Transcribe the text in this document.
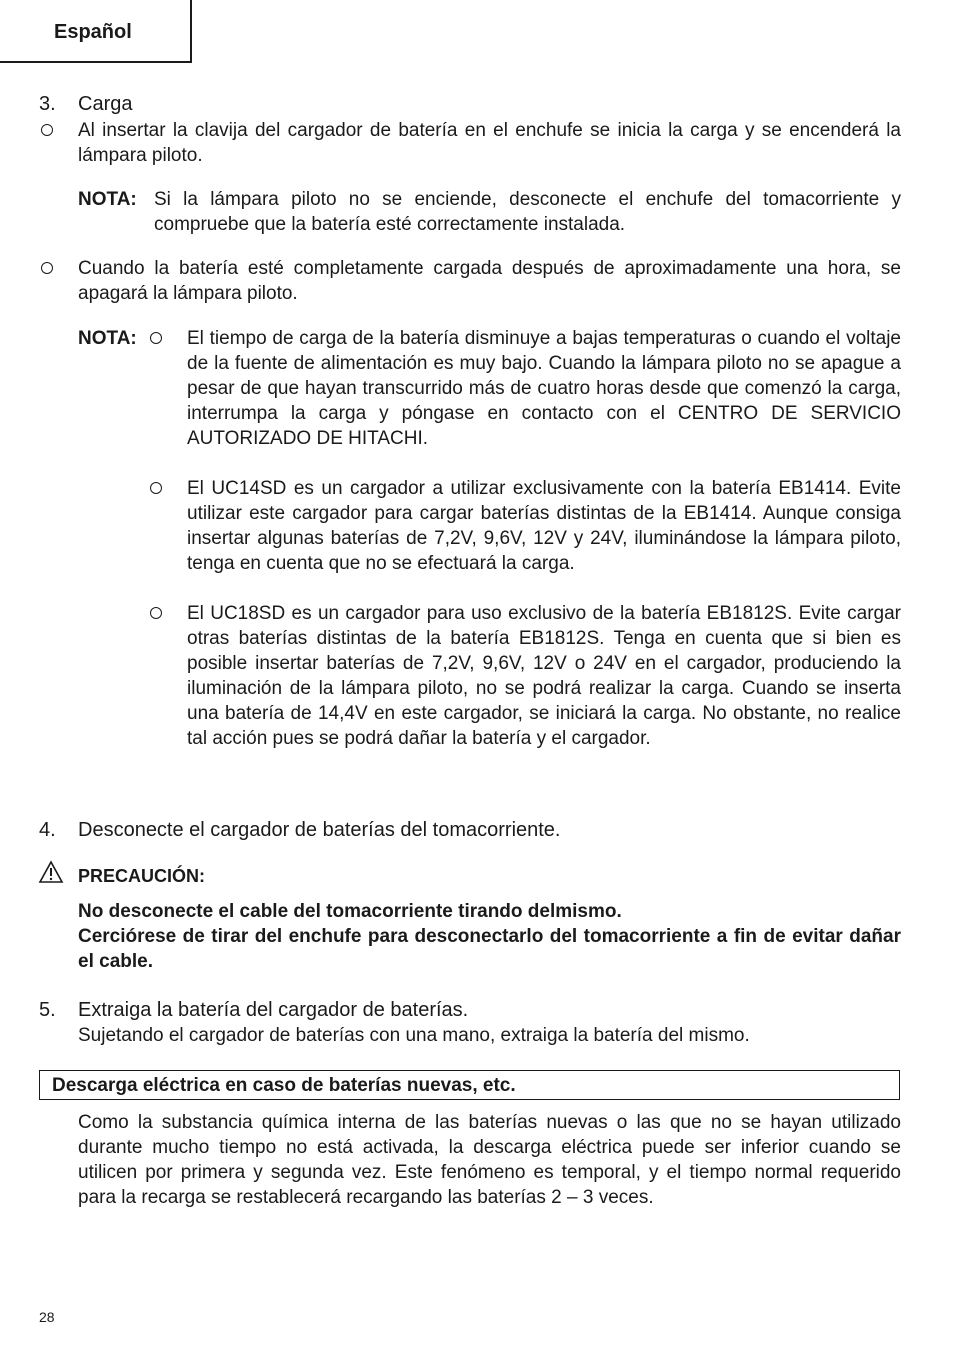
Español
3. Carga
Al insertar la clavija del cargador de batería en el enchufe se inicia la carga y se encenderá la lámpara piloto.
NOTA: Si la lámpara piloto no se enciende, desconecte el enchufe del tomacorriente y compruebe que la batería esté correctamente instalada.
Cuando la batería esté completamente cargada después de aproximadamente una hora, se apagará la lámpara piloto.
NOTA:	El tiempo de carga de la batería disminuye a bajas temperaturas o cuando el voltaje de la fuente de alimentación es muy bajo. Cuando la lámpara piloto no se apague a pesar de que hayan transcurrido más de cuatro horas desde que comenzó la carga, interrumpa la carga y póngase en contacto con el CENTRO DE SERVICIO AUTORIZADO DE HITACHI.
El UC14SD es un cargador a utilizar exclusivamente con la batería EB1414. Evite utilizar este cargador para cargar baterías distintas de la EB1414. Aunque consiga insertar algunas baterías de 7,2V, 9,6V, 12V y 24V, iluminándose la lámpara piloto, tenga en cuenta que no se efectuará la carga.
El UC18SD es un cargador para uso exclusivo de la batería EB1812S. Evite cargar otras baterías distintas de la batería EB1812S. Tenga en cuenta que si bien es posible insertar baterías de 7,2V, 9,6V, 12V o 24V en el cargador, produciendo la iluminación de la lámpara piloto, no se podrá realizar la carga. Cuando se inserta una batería de 14,4V en este cargador, se iniciará la carga. No obstante, no realice tal acción pues se podrá dañar la batería y el cargador.
4. Desconecte el cargador de baterías del tomacorriente.
PRECAUCIÓN:
No desconecte el cable del tomacorriente tirando delmismo.
Cerciórese de tirar del enchufe para desconectarlo del tomacorriente a fin de evitar dañar el cable.
5. Extraiga la batería del cargador de baterías.
Sujetando el cargador de baterías con una mano, extraiga la batería del mismo.
Descarga eléctrica en caso de baterías nuevas, etc.
Como la substancia química interna de las baterías nuevas o las que no se hayan utilizado durante mucho tiempo no está activada, la descarga eléctrica puede ser inferior cuando se utilicen por primera y segunda vez. Este fenómeno es temporal, y el tiempo normal requerido para la recarga se restablecerá recargando las baterías 2 – 3 veces.
28
